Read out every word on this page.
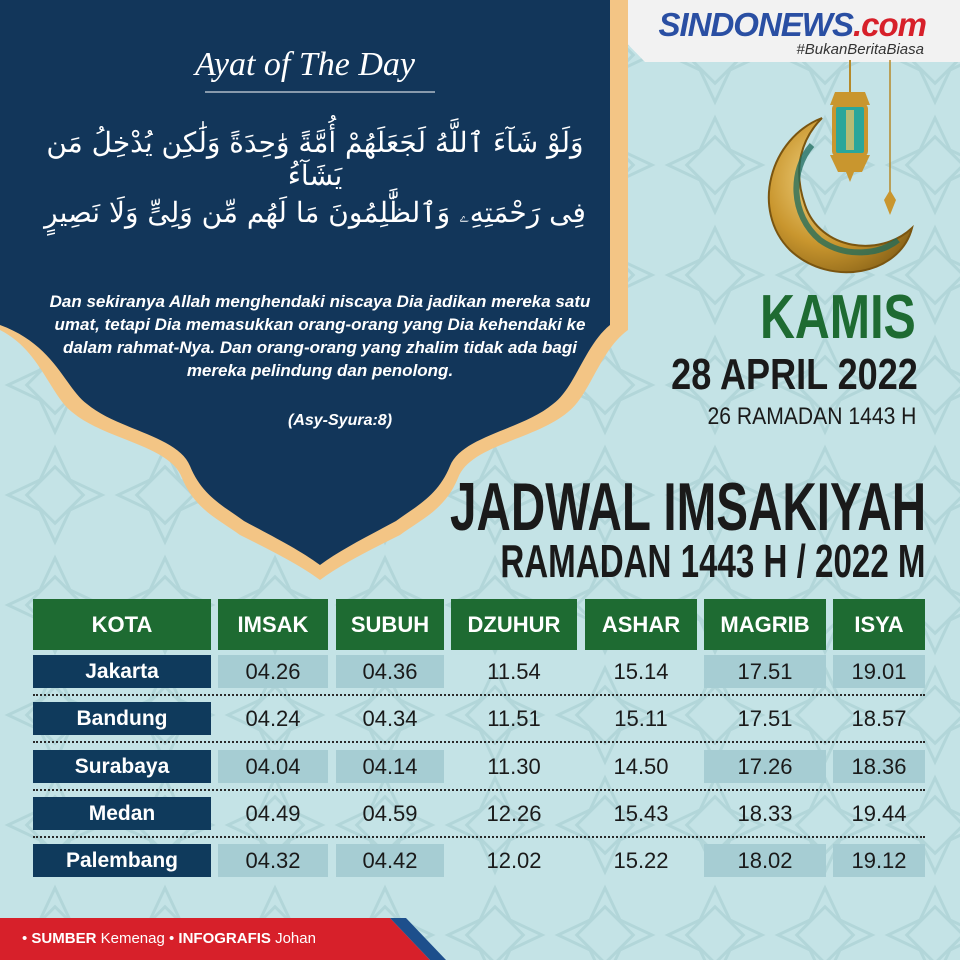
SINDONEWS.com
#BukanBeritaBiasa
Ayat of The Day
وَلَوْ شَآءَ ٱللَّهُ لَجَعَلَهُمْ أُمَّةً وَٰحِدَةً وَلَٰكِن يُدْخِلُ مَن يَشَآءُ
فِى رَحْمَتِهِۦ وَٱلظَّٰلِمُونَ مَا لَهُم مِّن وَلِىٍّ وَلَا نَصِيرٍ
Dan sekiranya Allah menghendaki niscaya Dia jadikan mereka satu umat, tetapi Dia memasukkan orang-orang yang Dia kehendaki ke dalam rahmat-Nya. Dan orang-orang yang zhalim tidak ada bagi mereka pelindung dan penolong.
(Asy-Syura:8)
KAMIS
28 APRIL 2022
26 RAMADAN 1443 H
JADWAL IMSAKIYAH
RAMADAN 1443 H / 2022 M
KOTA	IMSAK	SUBUH	DZUHUR	ASHAR	MAGRIB	ISYA
Jakarta	04.26	04.36	11.54	15.14	17.51	19.01
Bandung	04.24	04.34	11.51	15.11	17.51	18.57
Surabaya	04.04	04.14	11.30	14.50	17.26	18.36
Medan	04.49	04.59	12.26	15.43	18.33	19.44
Palembang	04.32	04.42	12.02	15.22	18.02	19.12
• SUMBER Kemenag • INFOGRAFIS Johan
